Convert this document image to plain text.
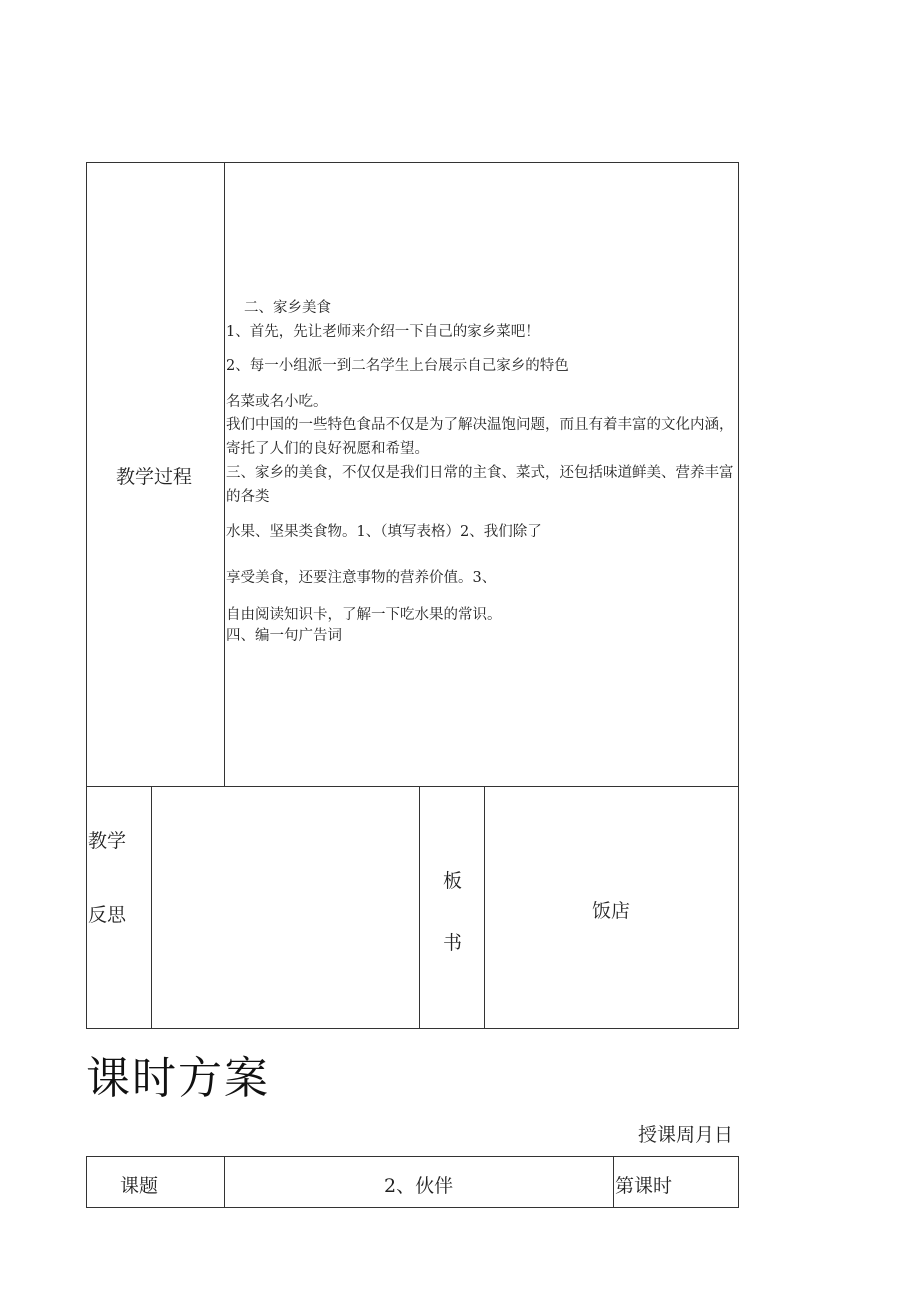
教学过程
二、家乡美食
1、首先，先让老师来介绍一下自己的家乡菜吧！
2、每一小组派一到二名学生上台展示自己家乡的特色
名菜或名小吃。
我们中国的一些特色食品不仅是为了解决温饱问题，而且有着丰富的文化内涵，寄托了人们的良好祝愿和希望。
三、家乡的美食，不仅仅是我们日常的主食、菜式，还包括味道鲜美、营养丰富的各类
水果、坚果类食物。1、（填写表格）2、我们除了
享受美食，还要注意事物的营养价值。3、
自由阅读知识卡，了解一下吃水果的常识。
四、编一句广告词
教学
反思
板
书
饭店
课时方案
授课周月日
课题	2、伙伴	第课时
